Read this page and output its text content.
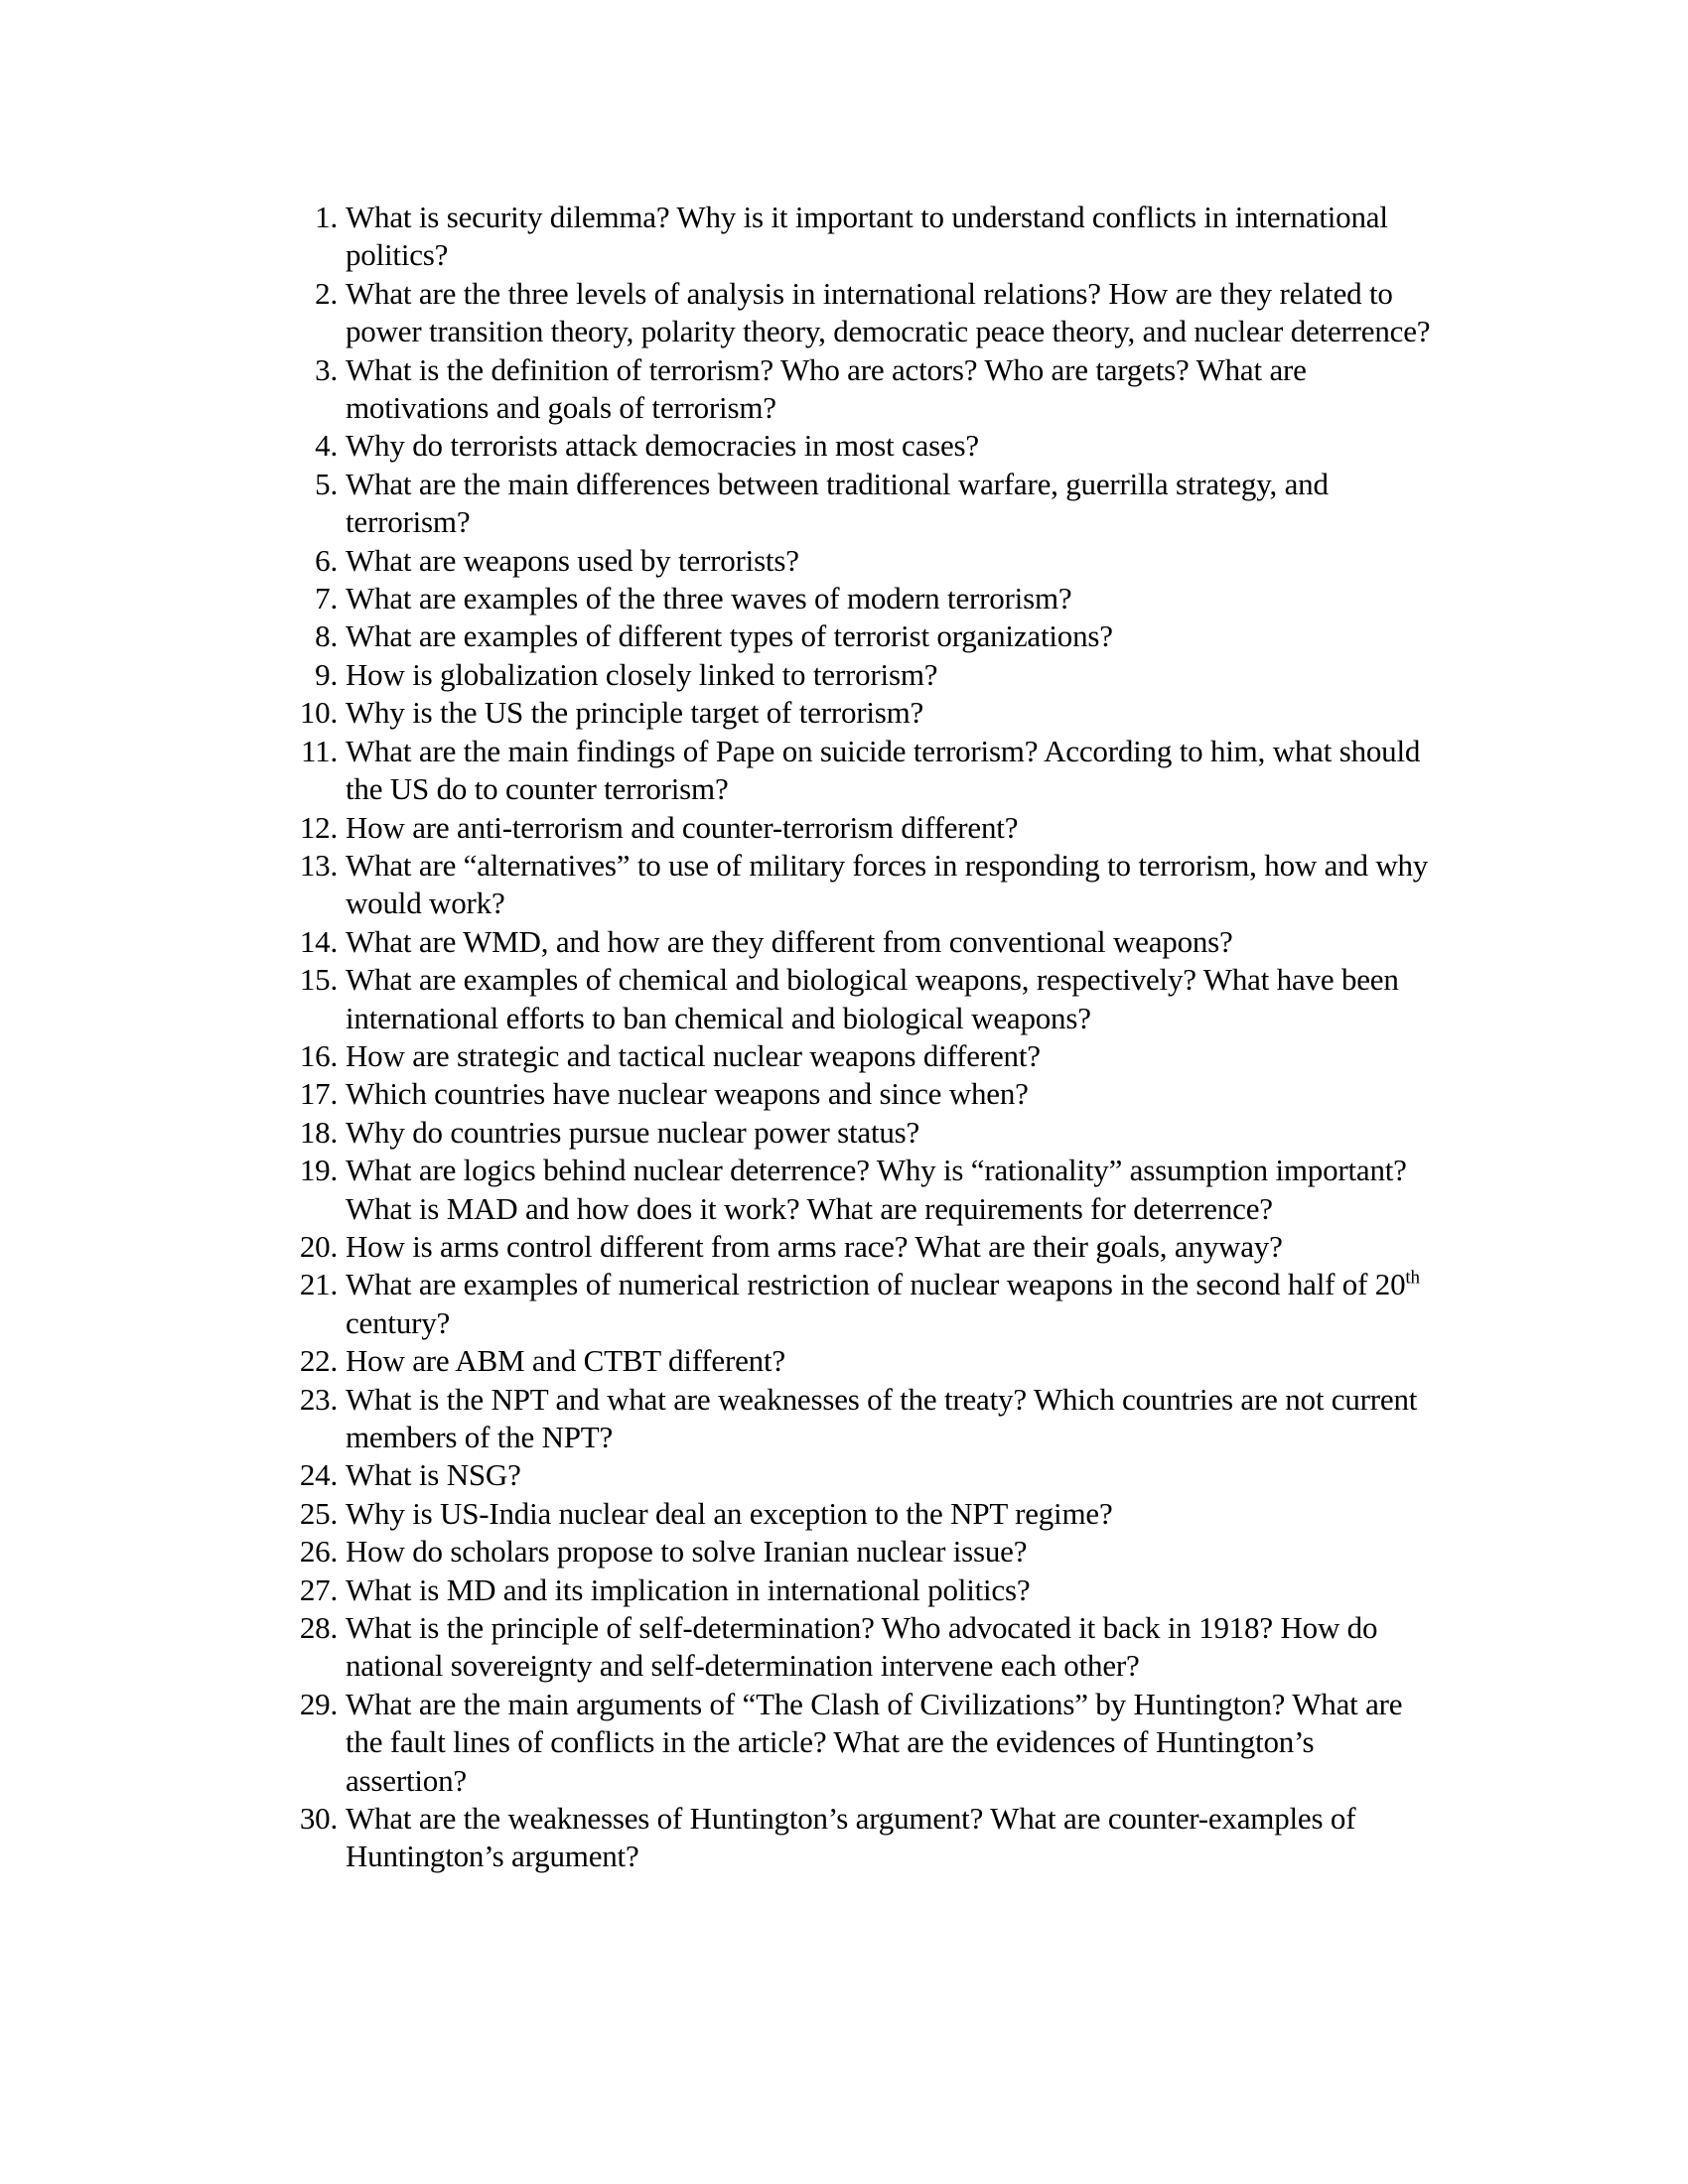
1. What is security dilemma? Why is it important to understand conflicts in international politics?
2. What are the three levels of analysis in international relations? How are they related to power transition theory, polarity theory, democratic peace theory, and nuclear deterrence?
3. What is the definition of terrorism? Who are actors? Who are targets? What are motivations and goals of terrorism?
4. Why do terrorists attack democracies in most cases?
5. What are the main differences between traditional warfare, guerrilla strategy, and terrorism?
6. What are weapons used by terrorists?
7. What are examples of the three waves of modern terrorism?
8. What are examples of different types of terrorist organizations?
9. How is globalization closely linked to terrorism?
10. Why is the US the principle target of terrorism?
11. What are the main findings of Pape on suicide terrorism? According to him, what should the US do to counter terrorism?
12. How are anti-terrorism and counter-terrorism different?
13. What are “alternatives” to use of military forces in responding to terrorism, how and why would work?
14. What are WMD, and how are they different from conventional weapons?
15. What are examples of chemical and biological weapons, respectively? What have been international efforts to ban chemical and biological weapons?
16. How are strategic and tactical nuclear weapons different?
17. Which countries have nuclear weapons and since when?
18. Why do countries pursue nuclear power status?
19. What are logics behind nuclear deterrence? Why is “rationality” assumption important? What is MAD and how does it work? What are requirements for deterrence?
20. How is arms control different from arms race? What are their goals, anyway?
21. What are examples of numerical restriction of nuclear weapons in the second half of 20th century?
22. How are ABM and CTBT different?
23. What is the NPT and what are weaknesses of the treaty? Which countries are not current members of the NPT?
24. What is NSG?
25. Why is US-India nuclear deal an exception to the NPT regime?
26. How do scholars propose to solve Iranian nuclear issue?
27. What is MD and its implication in international politics?
28. What is the principle of self-determination? Who advocated it back in 1918? How do national sovereignty and self-determination intervene each other?
29. What are the main arguments of “The Clash of Civilizations” by Huntington? What are the fault lines of conflicts in the article? What are the evidences of Huntington’s assertion?
30. What are the weaknesses of Huntington’s argument? What are counter-examples of Huntington’s argument?
